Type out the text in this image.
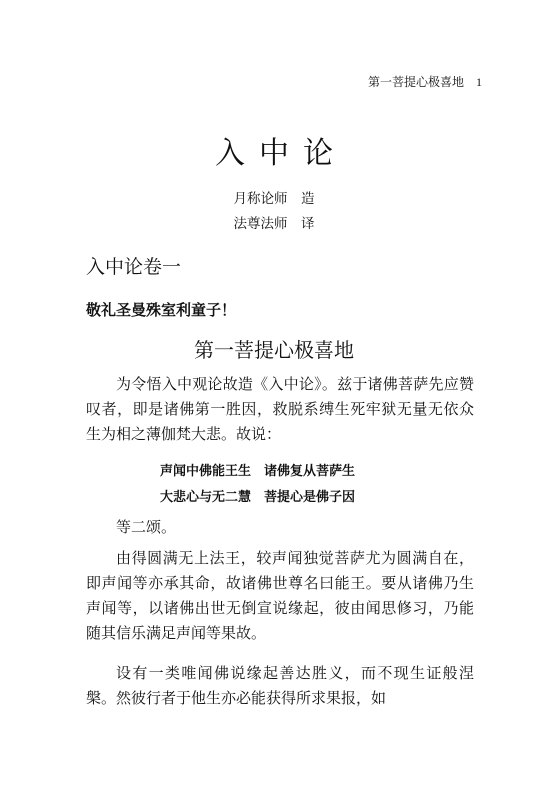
第一菩提心极喜地 1
入中论
月称论师　造
法尊法师　译
入中论卷一
敬礼圣曼殊室利童子！
第一菩提心极喜地

为令悟入中观论故造《入中论》。兹于诸佛菩萨先应赞叹者，即是诸佛第一胜因，救脱系缚生死牢狱无量无依众生为相之薄伽梵大悲。故说：

声闻中佛能王生　诸佛复从菩萨生
大悲心与无二慧　菩提心是佛子因

等二颂。

由得圆满无上法王，较声闻独觉菩萨尤为圆满自在，即声闻等亦承其命，故诸佛世尊名曰能王。要从诸佛乃生声闻等，以诸佛出世无倒宣说缘起，彼由闻思修习，乃能随其信乐满足声闻等果故。

设有一类唯闻佛说缘起善达胜义，而不现生证般涅槃。然彼行者于他生亦必能获得所求果报，如
